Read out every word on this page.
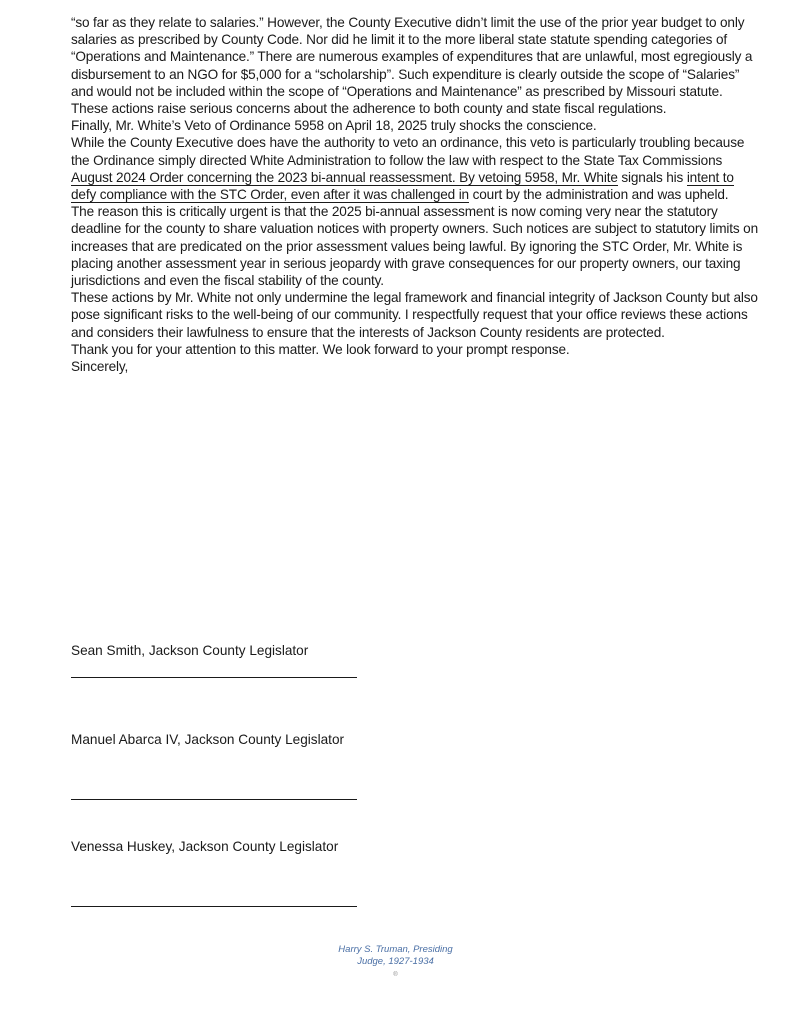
“so far as they relate to salaries.” However, the County Executive didn’t limit the use of the prior year budget to only salaries as prescribed by County Code. Nor did he limit it to the more liberal state statute spending categories of “Operations and Maintenance.” There are numerous examples of expenditures that are unlawful, most egregiously a disbursement to an NGO for $5,000 for a “scholarship”. Such expenditure is clearly outside the scope of “Salaries” and would not be included within the scope of “Operations and Maintenance” as prescribed by Missouri statute.

These actions raise serious concerns about the adherence to both county and state fiscal regulations.

Finally, Mr. White’s Veto of Ordinance 5958 on April 18, 2025 truly shocks the conscience.

While the County Executive does have the authority to veto an ordinance, this veto is particularly troubling because the Ordinance simply directed White Administration to follow the law with respect to the State Tax Commissions August 2024 Order concerning the 2023 bi-annual reassessment. By vetoing 5958, Mr. White signals his intent to defy compliance with the STC Order, even after it was challenged in court by the administration and was upheld.

The reason this is critically urgent is that the 2025 bi-annual assessment is now coming very near the statutory deadline for the county to share valuation notices with property owners. Such notices are subject to statutory limits on increases that are predicated on the prior assessment values being lawful. By ignoring the STC Order, Mr. White is placing another assessment year in serious jeopardy with grave consequences for our property owners, our taxing jurisdictions and even the fiscal stability of the county.

These actions by Mr. White not only undermine the legal framework and financial integrity of Jackson County but also pose significant risks to the well-being of our community. I respectfully request that your office reviews these actions and considers their lawfulness to ensure that the interests of Jackson County residents are protected.

Thank you for your attention to this matter. We look forward to your prompt response.

Sincerely,

Sean Smith, Jackson County Legislator
Manuel Abarca IV, Jackson County Legislator
Venessa Huskey, Jackson County Legislator
Harry S. Truman, Presiding
Judge, 1927-1934
®
